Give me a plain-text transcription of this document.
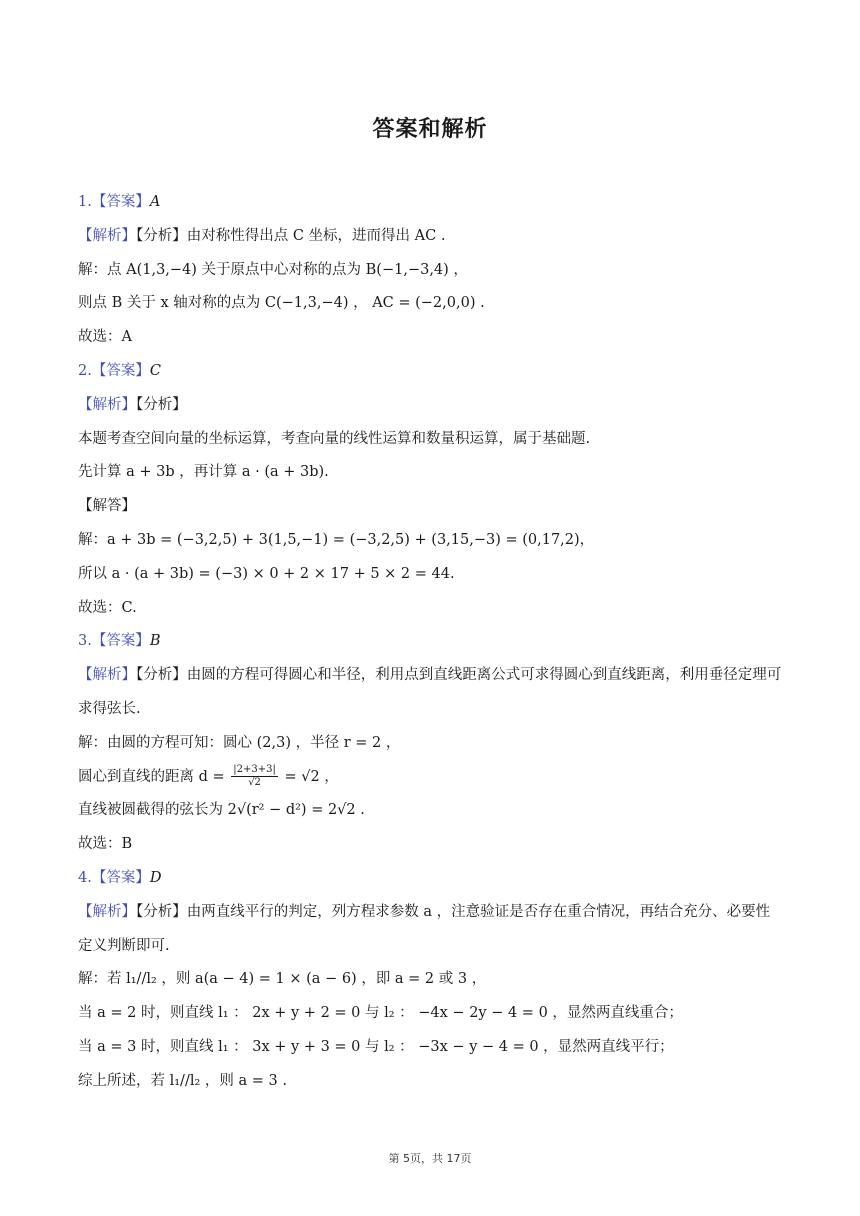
答案和解析
1.【答案】A
【解析】【分析】由对称性得出点 C 坐标，进而得出 AC .
解：点 A(1,3,−4) 关于原点中心对称的点为 B(−1,−3,4) ，
则点 B 关于 x 轴对称的点为 C(−1,3,−4) ， AC = (−2,0,0) .
故选：A
2.【答案】C
【解析】【分析】
本题考查空间向量的坐标运算，考查向量的线性运算和数量积运算，属于基础题.
先计算 a + 3b ，再计算 a · (a + 3b).
【解答】
解：a + 3b = (−3,2,5) + 3(1,5,−1) = (−3,2,5) + (3,15,−3) = (0,17,2)，
所以 a · (a + 3b) = (−3) × 0 + 2 × 17 + 5 × 2 = 44.
故选：C.
3.【答案】B
【解析】【分析】由圆的方程可得圆心和半径，利用点到直线距离公式可求得圆心到直线距离，利用垂径定理可求得弦长.
解：由圆的方程可知：圆心 (2,3) ，半径 r = 2 ，
圆心到直线的距离 $d = \frac{|2+3+3|}{√2} = √2$ ，
直线被圆截得的弦长为 2√(r² − d²) = 2√2 .
故选：B
4.【答案】D
【解析】【分析】由两直线平行的判定，列方程求参数 a ，注意验证是否存在重合情况，再结合充分、必要性定义判断即可.
解：若 l₁//l₂ ，则 a(a − 4) = 1 × (a − 6) ，即 a = 2 或 3 ，
当 a = 2 时，则直线 l₁ ： 2x + y + 2 = 0 与 l₂ ： −4x − 2y − 4 = 0 ，显然两直线重合；
当 a = 3 时，则直线 l₁ ： 3x + y + 3 = 0 与 l₂ ： −3x − y − 4 = 0 ，显然两直线平行；
综上所述，若 l₁//l₂ ，则 a = 3 .
第 5页，共 17页
